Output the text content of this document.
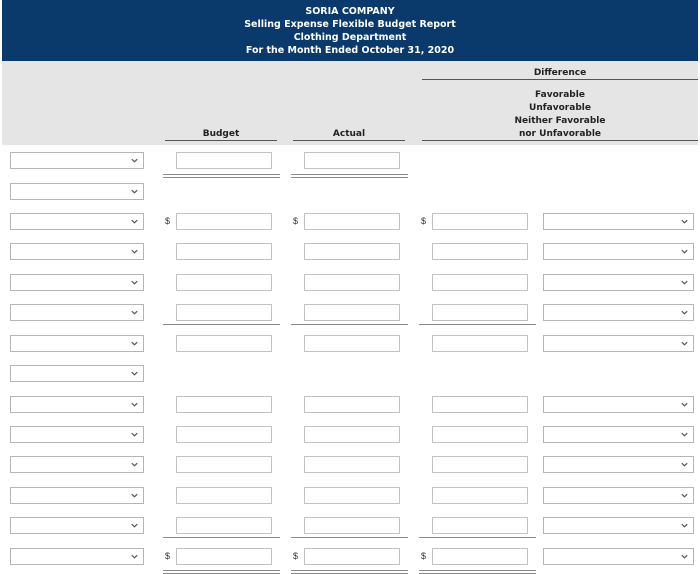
SORIA COMPANY
Selling Expense Flexible Budget Report
Clothing Department
For the Month Ended October 31, 2020
Difference
Favorable
Unfavorable
Neither Favorable
nor Unfavorable
Budget	Actual
$	$	$
$	$	$
